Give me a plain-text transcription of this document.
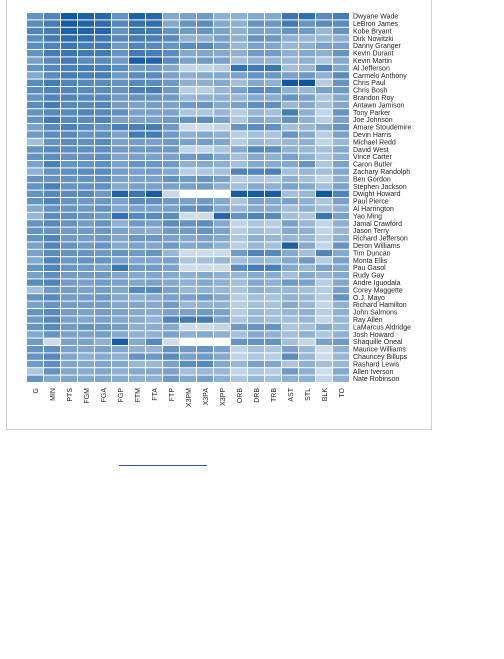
Dwyane Wade
LeBron James
Kobe Bryant
Dirk Nowitzki
Danny Granger
Kevin Durant
Kevin Martin
Al Jefferson
Carmelo Anthony
Chris Paul
Chris Bosh
Brandon Roy
Antawn Jamison
Tony Parker
Joe Johnson
Amare Stoudemire
Devin Harris
Michael Redd
David West
Vince Carter
Caron Butler
Zachary Randolph
Ben Gordon
Stephen Jackson
Dwight Howard
Paul Pierce
Al Harrington
Yao Ming
Jamal Crawford
Jason Terry
Richard Jefferson
Deron Williams
Tim Duncan
Monta Ellis
Pau Gasol
Rudy Gay
Andre Iguodala
Corey Maggette
O.J. Mayo
Richard Hamilton
John Salmons
Ray Allen
LaMarcus Aldridge
Josh Howard
Shaquille Oneal
Maurice Williams
Chauncey Billups
Rashard Lewis
Allen Iverson
Nate Robinson
G MIN PTS FGM FGA FGP FTM FTA FTP X3PM X3PA X3PP ORB DRB TRB AST STL BLK TO
